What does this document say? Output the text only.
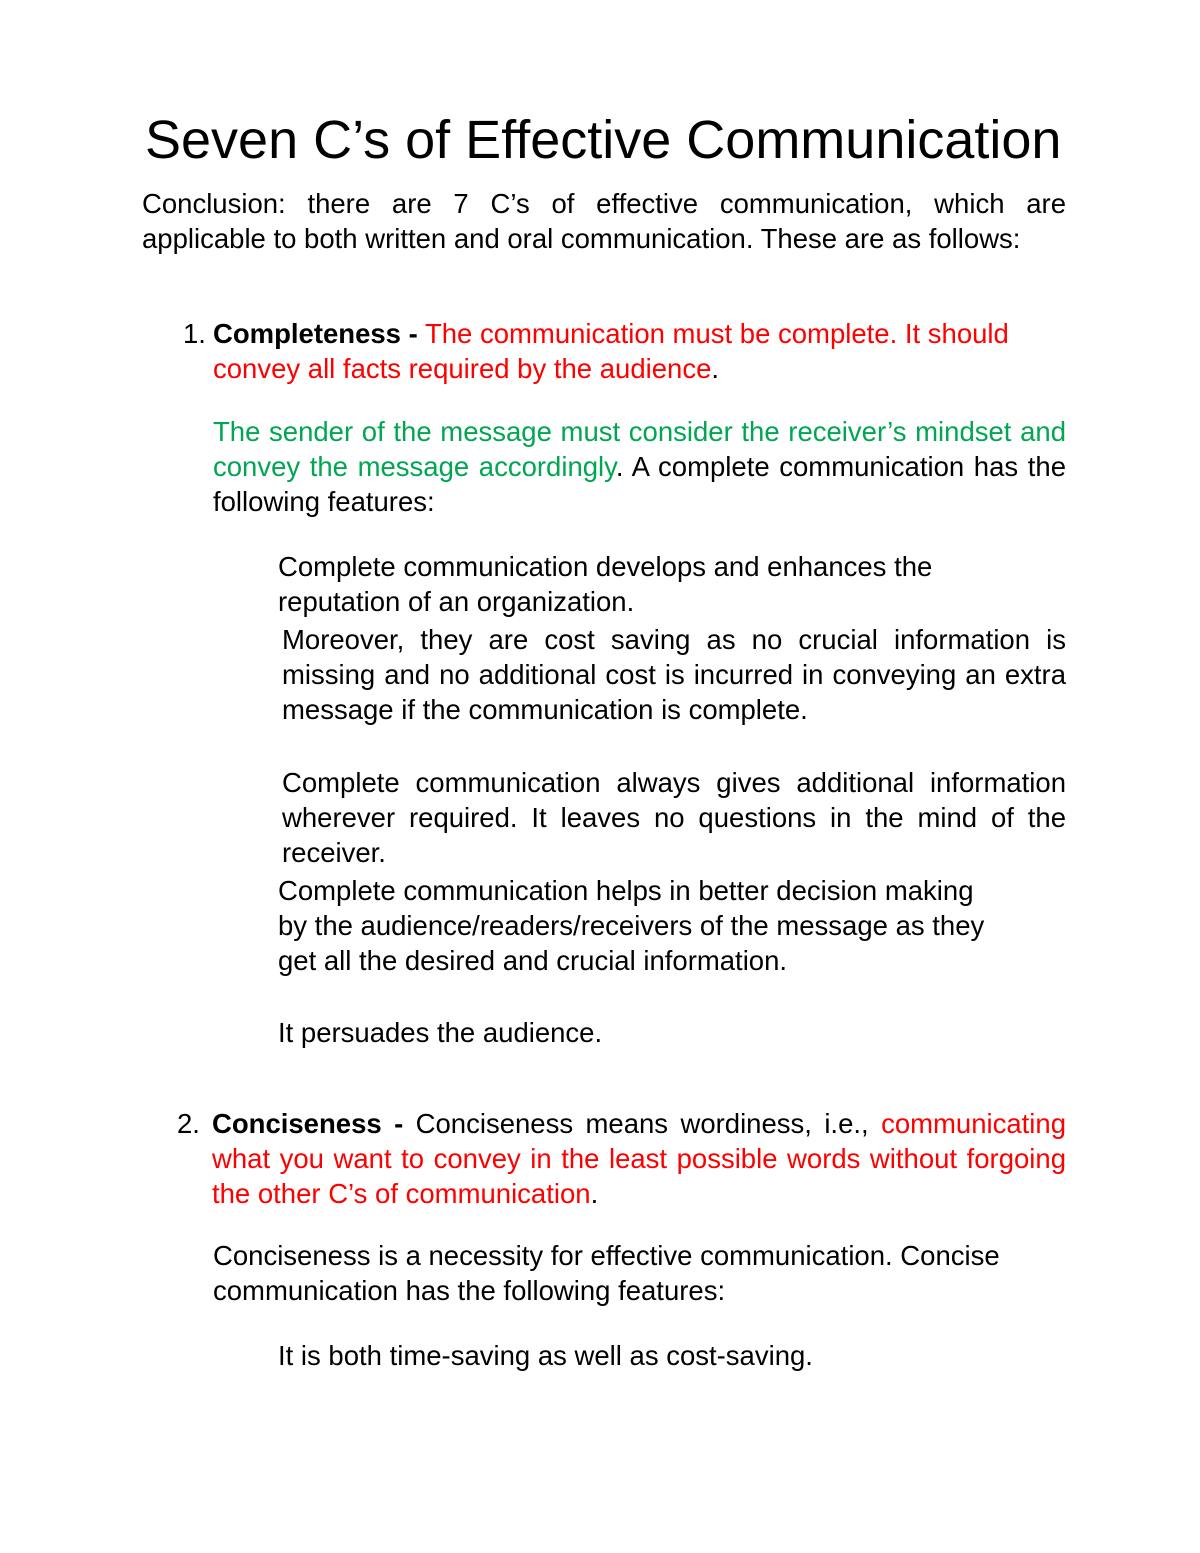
Seven C’s of Effective Communication

Conclusion: there are 7 C’s of effective communication, which are applicable to both written and oral communication. These are as follows:

1. Completeness - The communication must be complete. It should convey all facts required by the audience.

The sender of the message must consider the receiver’s mindset and convey the message accordingly. A complete communication has the following features:

Complete communication develops and enhances the reputation of an organization.

Moreover, they are cost saving as no crucial information is missing and no additional cost is incurred in conveying an extra message if the communication is complete.

Complete communication always gives additional information wherever required. It leaves no questions in the mind of the receiver.

Complete communication helps in better decision making by the audience/readers/receivers of the message as they get all the desired and crucial information.

It persuades the audience.

2. Conciseness - Conciseness means wordiness, i.e., communicating what you want to convey in the least possible words without forgoing the other C’s of communication.

Conciseness is a necessity for effective communication. Concise communication has the following features:

It is both time-saving as well as cost-saving.
